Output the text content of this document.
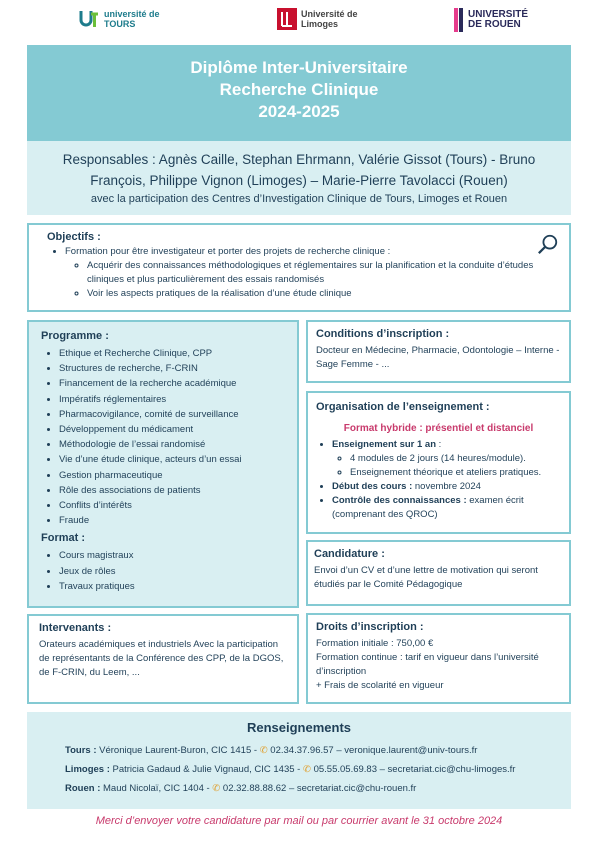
université de TOURS
Université de Limoges
UNIVERSITÉ DE ROUEN
Diplôme Inter-Universitaire
Recherche Clinique
2024-2025
Responsables : Agnès Caille, Stephan Ehrmann, Valérie Gissot (Tours) - Bruno François, Philippe Vignon (Limoges) – Marie-Pierre Tavolacci (Rouen)
avec la participation des Centres d’Investigation Clinique de Tours, Limoges et Rouen
Objectifs :
• Formation pour être investigateur et porter des projets de recherche clinique :
◦ Acquérir des connaissances méthodologiques et réglementaires sur la planification et la conduite d’études cliniques et plus particulièrement des essais randomisés
◦ Voir les aspects pratiques de la réalisation d’une étude clinique
Programme :
• Ethique et Recherche Clinique, CPP
• Structures de recherche, F-CRIN
• Financement de la recherche académique
• Impératifs réglementaires
• Pharmacovigilance, comité de surveillance
• Développement du médicament
• Méthodologie de l’essai randomisé
• Vie d’une étude clinique, acteurs d’un essai
• Gestion pharmaceutique
• Rôle des associations de patients
• Conflits d’intérêts
• Fraude
Format :
• Cours magistraux
• Jeux de rôles
• Travaux pratiques
Intervenants :

Orateurs académiques et industriels Avec la participation de représentants de la Conférence des CPP, de la DGOS, de F-CRIN, du Leem, ...

Conditions d’inscription :

Docteur en Médecine, Pharmacie, Odontologie – Interne - Sage Femme - ...

Organisation de l’enseignement :
Format hybride : présentiel et distanciel
• Enseignement sur 1 an :
◦ 4 modules de 2 jours (14 heures/module).
◦ Enseignement théorique et ateliers pratiques.
• Début des cours : novembre 2024
• Contrôle des connaissances : examen écrit (comprenant des QROC)
Candidature :

Envoi d’un CV et d’une lettre de motivation qui seront étudiés par le Comité Pédagogique

Droits d’inscription :

Formation initiale : 750,00 €
Formation continue : tarif en vigueur dans l’université d’inscription
+ Frais de scolarité en vigueur

Renseignements
Tours : Véronique Laurent-Buron, CIC 1415 - ✆ 02.34.37.96.57 – veronique.laurent@univ-tours.fr
Limoges : Patricia Gadaud & Julie Vignaud, CIC 1435 - ✆ 05.55.05.69.83 – secretariat.cic@chu-limoges.fr
Rouen : Maud Nicolaï, CIC 1404 - ✆ 02.32.88.88.62 – secretariat.cic@chu-rouen.fr
Merci d’envoyer votre candidature par mail ou par courrier avant le 31 octobre 2024
